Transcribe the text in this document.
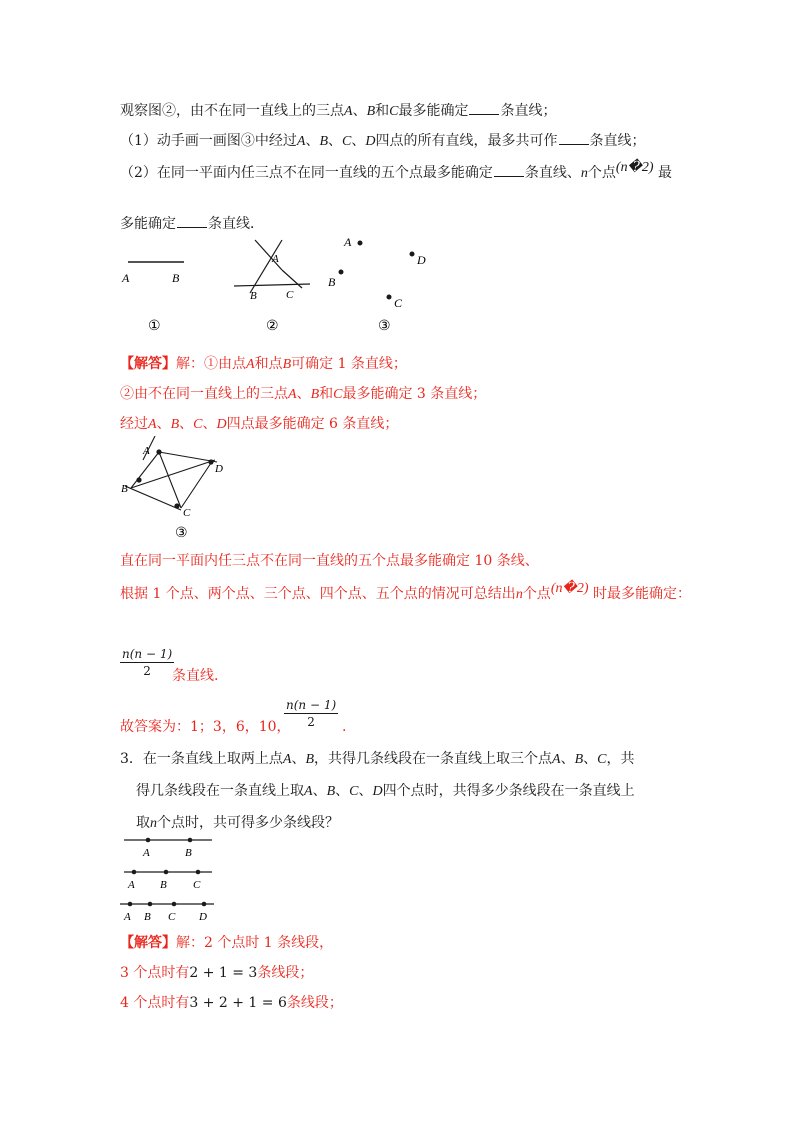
观察图②，由不在同一直线上的三点A、B和C最多能确定 条直线；
（1）动手画一画图③中经过A、B、C、D四点的所有直线，最多共可作 条直线；
（2）在同一平面内任三点不在同一直线的五个点最多能确定 条直线、n个点(n�2) 最
多能确定 条直线．
A	B
①
A
B	C
②
A
D
B
C
③
【解答】解：①由点A和点B可确定 1 条直线；
②由不在同一直线上的三点A、B和C最多能确定 3 条直线；
经过A、B、C、D四点最多能确定 6 条直线；
A
D
B
C
③
直在同一平面内任三点不在同一直线的五个点最多能确定 10 条线、
根据 1 个点、两个点、三个点、四个点、五个点的情况可总结出n个点(n�2) 时最多能确定：
$\frac{n(n - 1)}{2}$
条直线.
故答案为：1；3，6，10，
$\frac{n(n - 1)}{2}$ .
3．在一条直线上取两上点A、B，共得几条线段在一条直线上取三个点A、B、C，共
得几条线段在一条直线上取A、B、C、D四个点时，共得多少条线段在一条直线上
取n个点时，共可得多少条线段？
A	B
A B C
A B C D
【解答】解：2 个点时 1 条线段，
3 个点时有2 + 1 = 3条线段；
4 个点时有3 + 2 + 1 = 6条线段；
